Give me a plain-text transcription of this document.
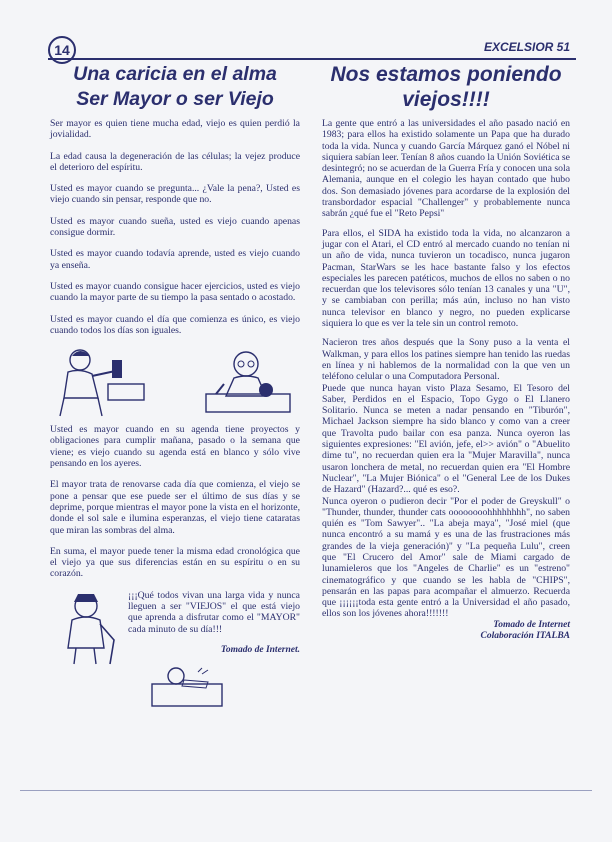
14	EXCELSIOR 51
Una caricia en el alma
Ser Mayor o ser Viejo

Ser mayor es quien tiene mucha edad, viejo es quien perdió la jovialidad.

La edad causa la degeneración de las células; la vejez produce el deterioro del espíritu.

Usted es mayor cuando se pregunta... ¿Vale la pena?, Usted es viejo cuando sin pensar, responde que no.

Usted es mayor cuando sueña, usted es viejo cuando apenas consigue dormir.

Usted es mayor cuando todavía aprende, usted es viejo cuando ya enseña.

Usted es mayor cuando consigue hacer ejercicios, usted es viejo cuando la mayor parte de su tiempo la pasa sentado o acostado.

Usted es mayor cuando el día que comienza es único, es viejo cuando todos los días son iguales.

Usted es mayor cuando en su agenda tiene proyectos y obligaciones para cumplir mañana, pasado o la semana que viene; es viejo cuando su agenda está en blanco y sólo vive pensando en los ayeres.

El mayor trata de renovarse cada día que comienza, el viejo se pone a pensar que ese puede ser el último de sus días y se deprime, porque mientras el mayor pone la vista en el horizonte, donde el sol sale e ilumina esperanzas, el viejo tiene cataratas que miran las sombras del alma.

En suma, el mayor puede tener la misma edad cronológica que el viejo ya que sus diferencias están en su espíritu o en su corazón.

¡¡¡Qué todos vivan una larga vida y nunca lleguen a ser "VIEJOS" el que está viejo que aprenda a disfrutar como el "MAYOR" cada minuto de su día!!!

Tomado de Internet.

Nos estamos poniendo
viejos!!!!

La gente que entró a las universidades el año pasado nació en 1983; para ellos ha existido solamente un Papa que ha durado toda la vida. Nunca y cuando García Márquez ganó el Nóbel ni siquiera sabían leer. Tenían 8 años cuando la Unión Soviética se desintegró; no se acuerdan de la Guerra Fría y conocen una sola Alemania, aunque en el colegio les hayan contado que hubo dos. Son demasiado jóvenes para acordarse de la explosión del transbordador espacial "Challenger" y probablemente nunca sabrán ¿qué fue el "Reto Pepsi"

Para ellos, el SIDA ha existido toda la vida, no alcanzaron a jugar con el Atari, el CD entró al mercado cuando no tenían ni un año de vida, nunca tuvieron un tocadisco, nunca jugaron Pacman, StarWars se les hace bastante falso y los efectos especiales les parecen patéticos, muchos de ellos no saben o no recuerdan que los televisores sólo tenían 13 canales y una "U", y se cambiaban con perilla; más aún, incluso no han visto nunca televisor en blanco y negro, no pueden explicarse siquiera lo que es ver la tele sin un control remoto.

Nacieron tres años después que la Sony puso a la venta el Walkman, y para ellos los patines siempre han tenido las ruedas en línea y ni hablemos de la normalidad con la que ven un teléfono celular o una Computadora Personal.

Puede que nunca hayan visto Plaza Sesamo, El Tesoro del Saber, Perdidos en el Espacio, Topo Gygo o El Llanero Solitario. Nunca se meten a nadar pensando en "Tiburón", Michael Jackson siempre ha sido blanco y como van a creer que Travolta pudo bailar con esa panza. Nunca oyeron las siguientes expresiones: "El avión, jefe, el>> avión" o "Abuelito dime tu", no recuerdan quien era la "Mujer Maravilla", nunca usaron lonchera de metal, no recuerdan quien era "El Hombre Nuclear", "La Mujer Biónica" o el "General Lee de los Dukes de Hazard" (Hazard?... qué es eso?.

Nunca oyeron o pudieron decir "Por el poder de Greyskull" o "Thunder, thunder, thunder cats oooooooohhhhhhhh", no saben quién es "Tom Sawyer".. "La abeja maya", "José miel (que nunca encontró a su mamá y es una de las frustraciones más grandes de la vieja generación)" y "La pequeña Lulu", creen que "El Crucero del Amor" sale de Miami cargado de lunamieleros que los "Angeles de Charlie" es un "estreno" cinematográfico y que cuando se les habla de "CHIPS", pensarán en las papas para acompañar el almuerzo. Recuerda que ¡¡¡¡¡¡toda esta gente entró a la Universidad el año pasado, ellos son los jóvenes ahora!!!!!!!

Tomado de Internet

Colaboración ITALBA
